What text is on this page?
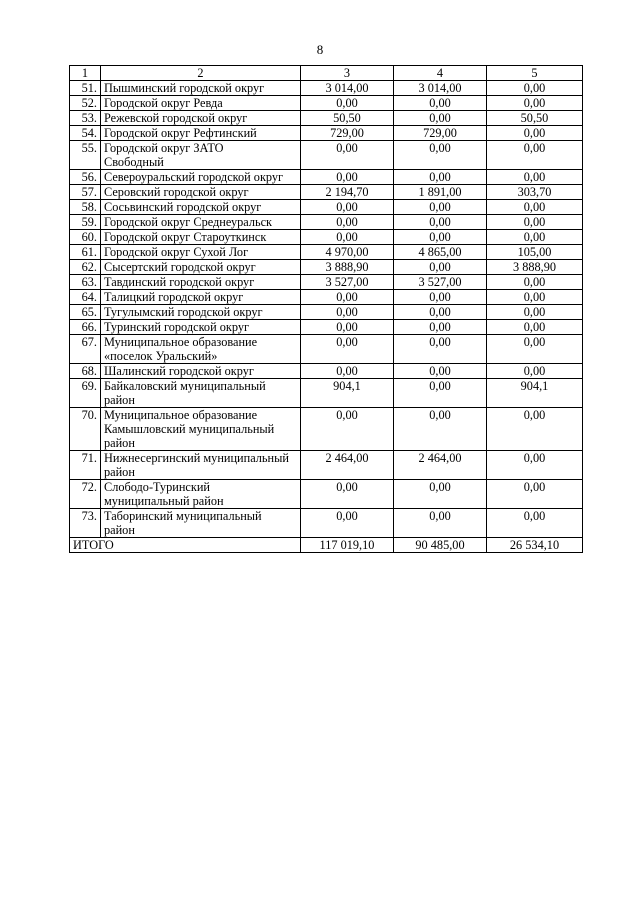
8
1	2	3	4	5
51.	Пышминский городской округ	3 014,00	3 014,00	0,00
52.	Городской округ Ревда	0,00	0,00	0,00
53.	Режевской городской округ	50,50	0,00	50,50
54.	Городской округ Рефтинский	729,00	729,00	0,00
55.	Городской округ ЗАТО
Свободный	0,00	0,00	0,00
56.	Североуральский городской округ	0,00	0,00	0,00
57.	Серовский городской округ	2 194,70	1 891,00	303,70
58.	Сосьвинский городской округ	0,00	0,00	0,00
59.	Городской округ Среднеуральск	0,00	0,00	0,00
60.	Городской округ Староуткинск	0,00	0,00	0,00
61.	Городской округ Сухой Лог	4 970,00	4 865,00	105,00
62.	Сысертский городской округ	3 888,90	0,00	3 888,90
63.	Тавдинский городской округ	3 527,00	3 527,00	0,00
64.	Талицкий городской округ	0,00	0,00	0,00
65.	Тугулымский городской округ	0,00	0,00	0,00
66.	Туринский городской округ	0,00	0,00	0,00
67.	Муниципальное образование
«поселок Уральский»	0,00	0,00	0,00
68.	Шалинский городской округ	0,00	0,00	0,00
69.	Байкаловский муниципальный
район	904,1	0,00	904,1
70.	Муниципальное образование
Камышловский муниципальный
район	0,00	0,00	0,00
71.	Нижнесергинский муниципальный
район	2 464,00	2 464,00	0,00
72.	Слободо-Туринский
муниципальный район	0,00	0,00	0,00
73.	Таборинский муниципальный
район	0,00	0,00	0,00
ИТОГО		117 019,10	90 485,00	26 534,10
